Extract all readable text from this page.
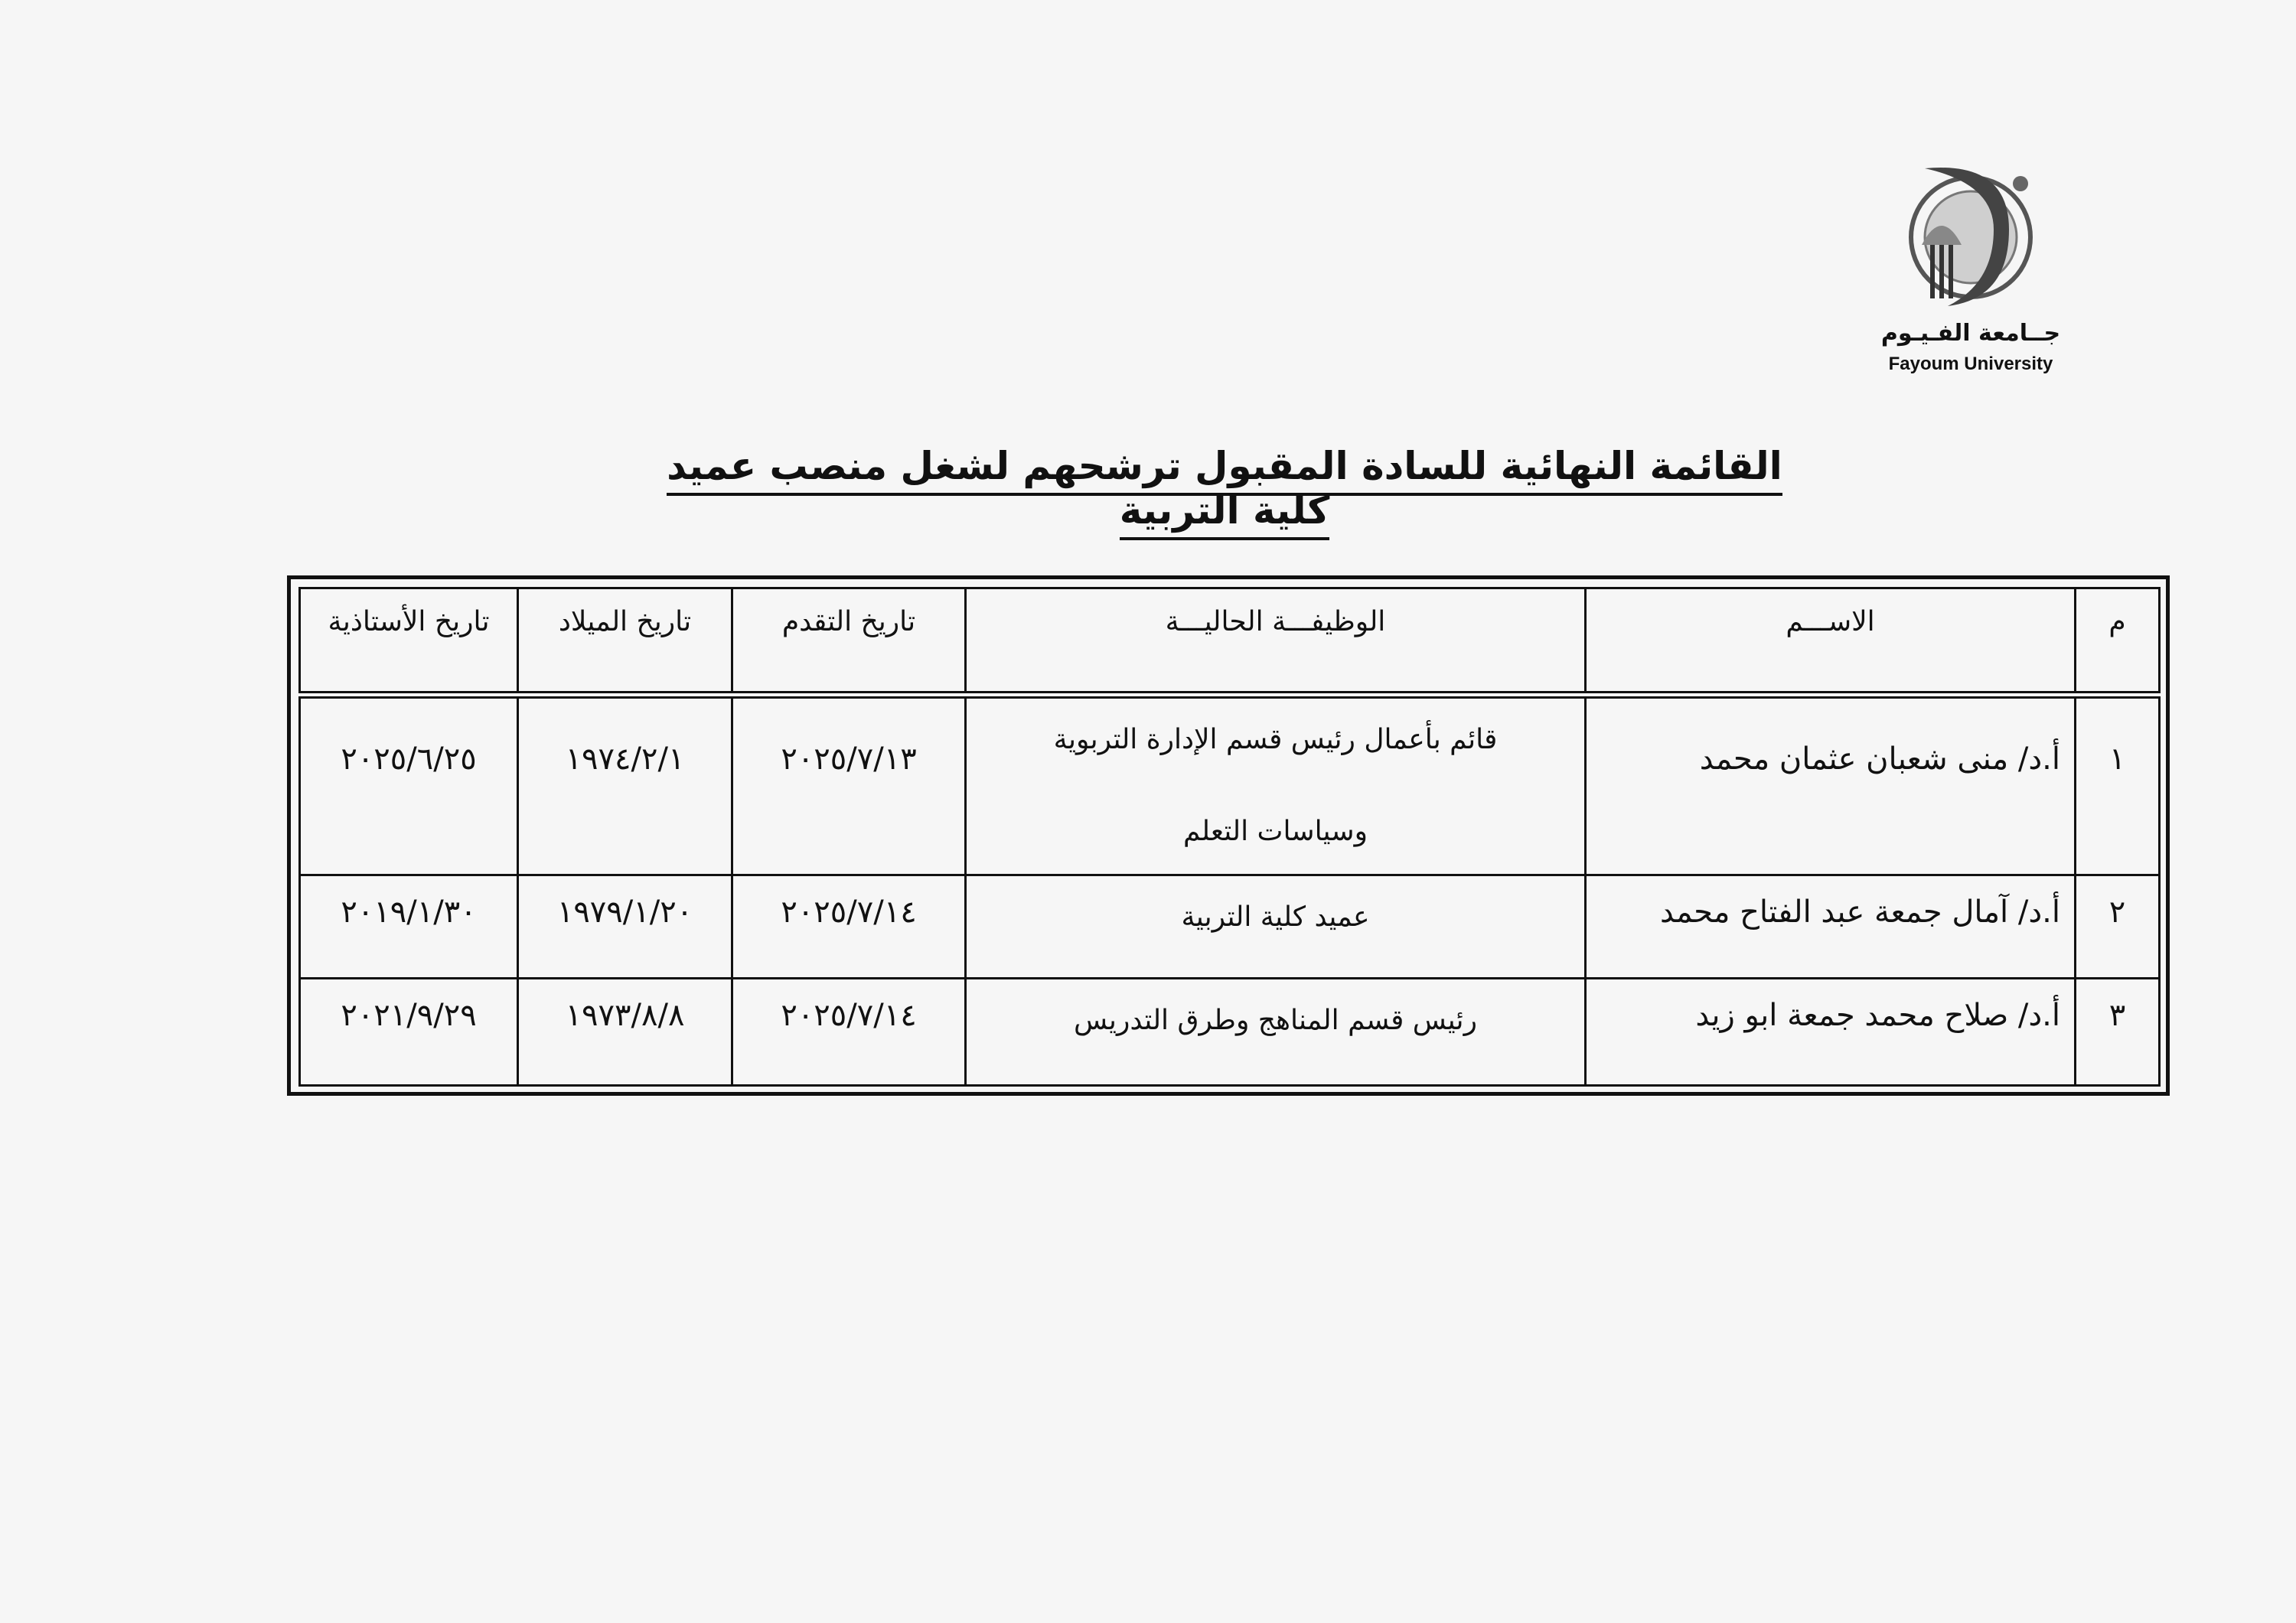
جــامعة الفـيـوم
Fayoum University
القائمة النهائية للسادة المقبول ترشحهم لشغل منصب عميد كلية التربية
م	الاســـم	الوظيفـــة الحاليـــة	تاريخ التقدم	تاريخ الميلاد	تاريخ الأستاذية
١	أ.د/ منى شعبان عثمان محمد	قائم بأعمال رئيس قسم الإدارة التربوية
وسياسات التعلم	٢٠٢٥/٧/١٣	١٩٧٤/٢/١	٢٠٢٥/٦/٢٥
٢	أ.د/ آمال جمعة عبد الفتاح محمد	عميد كلية التربية	٢٠٢٥/٧/١٤	١٩٧٩/١/٢٠	٢٠١٩/١/٣٠
٣	أ.د/ صلاح محمد جمعة ابو زيد	رئيس قسم المناهج وطرق التدريس	٢٠٢٥/٧/١٤	١٩٧٣/٨/٨	٢٠٢١/٩/٢٩
